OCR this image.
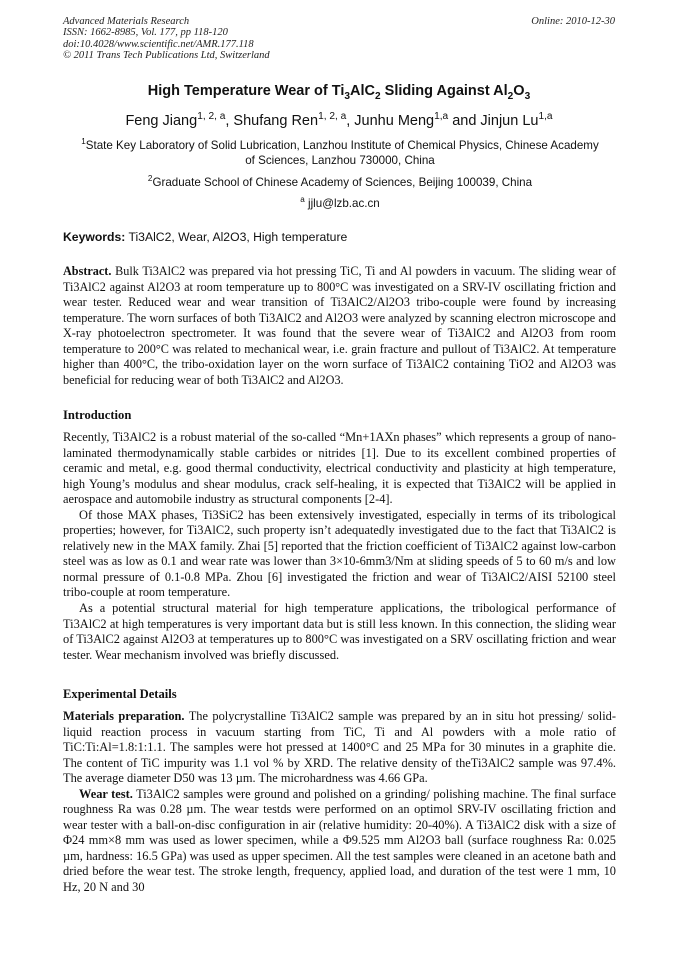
Advanced Materials Research
ISSN: 1662-8985, Vol. 177, pp 118-120
doi:10.4028/www.scientific.net/AMR.177.118
© 2011 Trans Tech Publications Ltd, Switzerland
Online: 2010-12-30
High Temperature Wear of $Ti_3AlC_2$ Sliding Against $Al_2O_3$
Feng Jiang$^{1, 2, a}$, Shufang Ren$^{1, 2, a}$, Junhu Meng$^{1,a}$ and Jinjun Lu$^{1,a}$
$^1$State Key Laboratory of Solid Lubrication, Lanzhou Institute of Chemical Physics, Chinese Academy of Sciences, Lanzhou 730000, China
$^2$Graduate School of Chinese Academy of Sciences, Beijing 100039, China
$^a$ jjlu@lzb.ac.cn
Keywords: Ti3AlC2, Wear, Al2O3, High temperature

Abstract. Bulk Ti3AlC2 was prepared via hot pressing TiC, Ti and Al powders in vacuum. The sliding wear of Ti3AlC2 against Al2O3 at room temperature up to 800°C was investigated on a SRV-IV oscillating friction and wear tester. Reduced wear and wear transition of Ti3AlC2/Al2O3 tribo-couple were found by increasing temperature. The worn surfaces of both Ti3AlC2 and Al2O3 were analyzed by scanning electron microscope and X-ray photoelectron spectrometer. It was found that the severe wear of Ti3AlC2 and Al2O3 from room temperature to 200°C was related to mechanical wear, i.e. grain fracture and pullout of Ti3AlC2. At temperature higher than 400°C, the tribo-oxidation layer on the worn surface of Ti3AlC2 containing TiO2 and Al2O3 was beneficial for reducing wear of both Ti3AlC2 and Al2O3.

Introduction

Recently, Ti3AlC2 is a robust material of the so-called “Mn+1AXn phases” which represents a group of nano-laminated thermodynamically stable carbides or nitrides [1]. Due to its excellent combined properties of ceramic and metal, e.g. good thermal conductivity, electrical conductivity and plasticity at high temperature, high Young’s modulus and shear modulus, crack self-healing, it is expected that Ti3AlC2 will be applied in aerospace and automobile industry as structural components [2-4].

Of those MAX phases, Ti3SiC2 has been extensively investigated, especially in terms of its tribological properties; however, for Ti3AlC2, such property isn’t adequatedly investigated due to the fact that Ti3AlC2 is relatively new in the MAX family. Zhai [5] reported that the friction coefficient of Ti3AlC2 against low-carbon steel was as low as 0.1 and wear rate was lower than 3×10-6mm3/Nm at sliding speeds of 5 to 60 m/s and low normal pressure of 0.1-0.8 MPa. Zhou [6] investigated the friction and wear of Ti3AlC2/AISI 52100 steel tribo-couple at room temperature.

As a potential structural material for high temperature applications, the tribological performance of Ti3AlC2 at high temperatures is very important data but is still less known. In this connection, the sliding wear of Ti3AlC2 against Al2O3 at temperatures up to 800°C was investigated on a SRV oscillating friction and wear tester. Wear mechanism involved was briefly discussed.

Experimental Details

Materials preparation. The polycrystalline Ti3AlC2 sample was prepared by an in situ hot pressing/ solid-liquid reaction process in vacuum starting from TiC, Ti and Al powders with a mole ratio of TiC:Ti:Al=1.8:1:1.1. The samples were hot pressed at 1400°C and 25 MPa for 30 minutes in a graphite die. The content of TiC impurity was 1.1 vol % by XRD. The relative density of theTi3AlC2 sample was 97.4%. The average diameter D50 was 13 µm. The microhardness was 4.66 GPa.

Wear test. Ti3AlC2 samples were ground and polished on a grinding/ polishing machine. The final surface roughness Ra was 0.28 µm. The wear testds were performed on an optimol SRV-IV oscillating friction and wear tester with a ball-on-disc configuration in air (relative humidity: 20-40%). A Ti3AlC2 disk with a size of Φ24 mm×8 mm was used as lower specimen, while a Φ9.525 mm Al2O3 ball (surface roughness Ra: 0.025 µm, hardness: 16.5 GPa) was used as upper specimen. All the test samples were cleaned in an acetone bath and dried before the wear test. The stroke length, frequency, applied load, and duration of the test were 1 mm, 10 Hz, 20 N and 30
